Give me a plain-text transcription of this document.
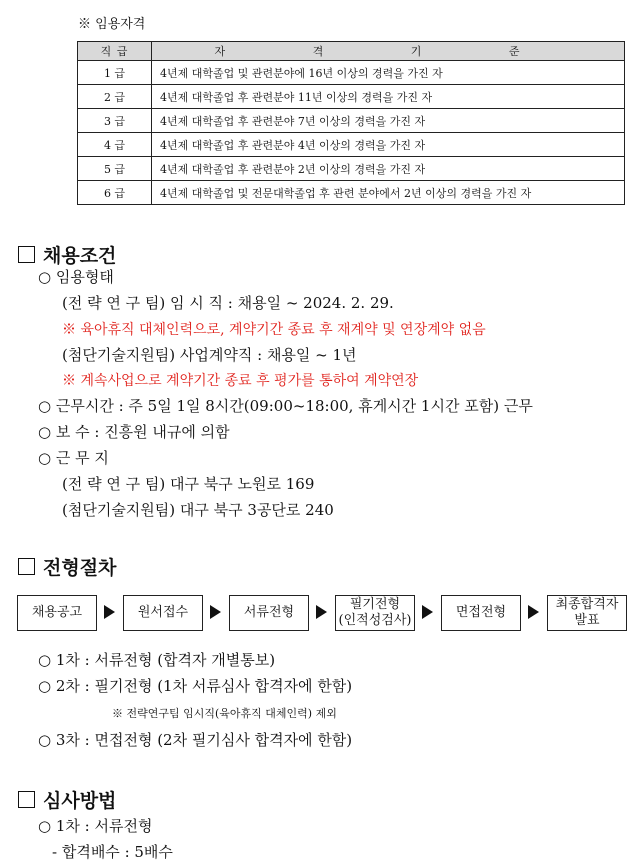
※ 임용자격
직 급	자 격 기 준
1 급	4년제 대학졸업 및 관련분야에 16년 이상의 경력을 가진 자
2 급	4년제 대학졸업 후 관련분야 11년 이상의 경력을 가진 자
3 급	4년제 대학졸업 후 관련분야 7년 이상의 경력을 가진 자
4 급	4년제 대학졸업 후 관련분야 4년 이상의 경력을 가진 자
5 급	4년제 대학졸업 후 관련분야 2년 이상의 경력을 가진 자
6 급	4년제 대학졸업 및 전문대학졸업 후 관련 분야에서 2년 이상의 경력을 가진 자
채용조건
○ 임용형태
(전 략 연 구 팀) 임 시 직 : 채용일 ~ 2024. 2. 29.
※ 육아휴직 대체인력으로, 계약기간 종료 후 재계약 및 연장계약 없음
(첨단기술지원팀) 사업계약직 : 채용일 ~ 1년
※ 계속사업으로 계약기간 종료 후 평가를 통하여 계약연장
○ 근무시간 : 주 5일 1일 8시간(09:00~18:00, 휴게시간 1시간 포함) 근무
○ 보 수 : 진흥원 내규에 의함
○ 근 무 지
(전 략 연 구 팀) 대구 북구 노원로 169
(첨단기술지원팀) 대구 북구 3공단로 240
전형절차
채용공고	원서접수	서류전형
필기전형
(인적성검사)
면접전형
최종합격자
발표
○ 1차 : 서류전형 (합격자 개별통보)
○ 2차 : 필기전형 (1차 서류심사 합격자에 한함)
※ 전략연구팀 임시직(육아휴직 대체인력) 제외
○ 3차 : 면접전형 (2차 필기심사 합격자에 한함)
심사방법
○ 1차 : 서류전형
- 합격배수 : 5배수
